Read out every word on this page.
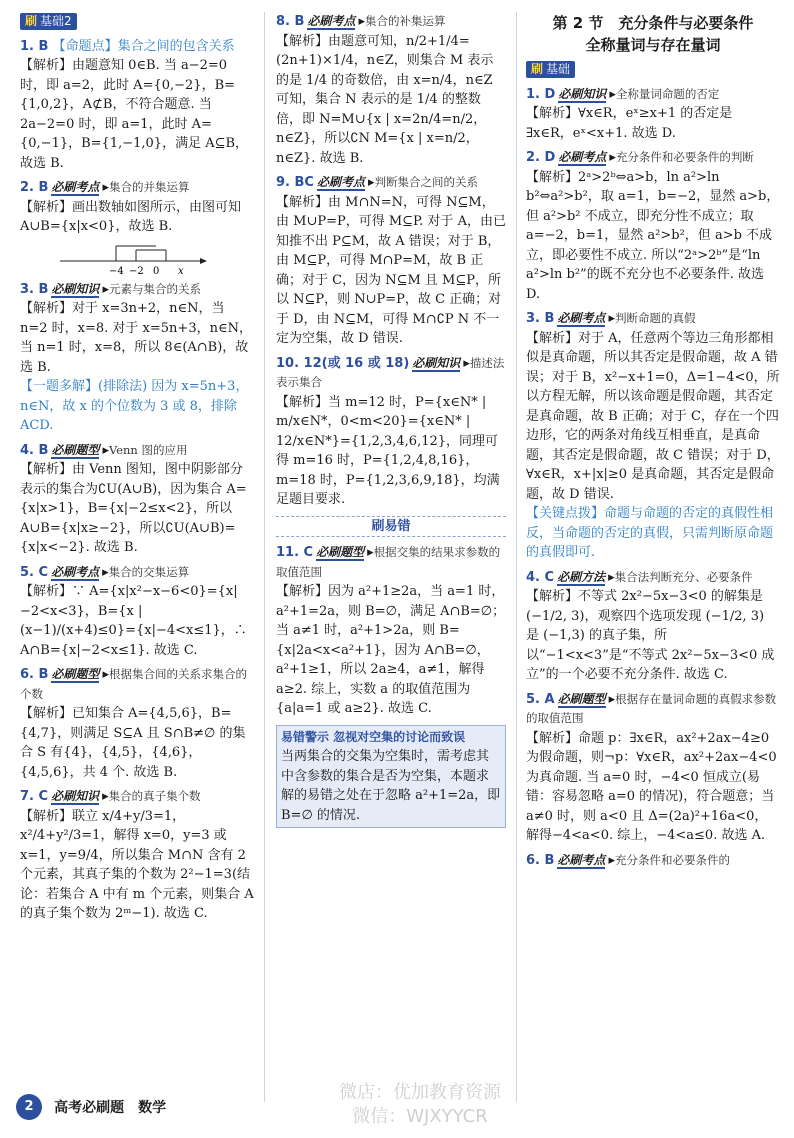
刷 基础2
1. B 【命题点】集合之间的包含关系
【解析】由题意知 0∈B. 当 a−2=0 时，即 a=2，此时 A={0,−2}，B={1,0,2}，A⊄B，不符合题意. 当 2a−2=0 时，即 a=1，此时 A={0,−1}，B={1,−1,0}，满足 A⊆B，故选 B.
2. B 必刷考点 ▸集合的并集运算
【解析】画出数轴如图所示，由图可知 A∪B={x|x<0}，故选 B.
−4 −2 0 x
3. B 必刷知识 ▸元素与集合的关系
【解析】对于 x=3n+2，n∈N，当 n=2 时，x=8. 对于 x=5n+3，n∈N，当 n=1 时，x=8，所以 8∈(A∩B)，故选 B.
【一题多解】(排除法) 因为 x=5n+3，n∈N，故 x 的个位数为 3 或 8，排除 ACD.
4. B 必刷题型 ▸Venn 图的应用
【解析】由 Venn 图知，图中阴影部分表示的集合为∁U(A∪B)，因为集合 A={x|x>1}，B={x|−2≤x<2}，所以 A∪B={x|x≥−2}，所以∁U(A∪B)={x|x<−2}. 故选 B.
5. C 必刷考点 ▸集合的交集运算
【解析】∵ A={x|x²−x−6<0}={x|−2<x<3}，B={x | (x−1)/(x+4)≤0}={x|−4<x≤1}，∴ A∩B={x|−2<x≤1}. 故选 C.
6. B 必刷题型 ▸根据集合间的关系求集合的个数
【解析】已知集合 A={4,5,6}，B={4,7}，则满足 S⊆A 且 S∩B≠∅ 的集合 S 有{4}，{4,5}，{4,6}，{4,5,6}，共 4 个. 故选 B.
7. C 必刷知识 ▸集合的真子集个数
【解析】联立 x/4+y/3=1，x²/4+y²/3=1，解得 x=0，y=3 或 x=1，y=9/4，所以集合 M∩N 含有 2 个元素，其真子集的个数为 2²−1=3(结论：若集合 A 中有 m 个元素，则集合 A 的真子集个数为 2ᵐ−1). 故选 C.
8. B 必刷考点 ▸集合的补集运算
【解析】由题意可知，n/2+1/4=(2n+1)×1/4，n∈Z，则集合 M 表示的是 1/4 的奇数倍，由 x=n/4，n∈Z 可知，集合 N 表示的是 1/4 的整数倍，即 N=M∪{x | x=2n/4=n/2，n∈Z}，所以∁N M={x | x=n/2，n∈Z}. 故选 B.
9. BC 必刷考点 ▸判断集合之间的关系
【解析】由 M∩N=N，可得 N⊆M，由 M∪P=P，可得 M⊆P. 对于 A，由已知推不出 P⊆M，故 A 错误；对于 B，由 M⊆P，可得 M∩P=M，故 B 正确；对于 C，因为 N⊆M 且 M⊆P，所以 N⊆P，则 N∪P=P，故 C 正确；对于 D，由 N⊆M，可得 M∩∁P N 不一定为空集，故 D 错误.
10. 12(或 16 或 18) 必刷知识 ▸描述法表示集合
【解析】当 m=12 时，P={x∈N* | m/x∈N*，0<m<20}={x∈N* | 12/x∈N*}={1,2,3,4,6,12}，同理可得 m=16 时，P={1,2,4,8,16}，m=18 时，P={1,2,3,6,9,18}，均满足题目要求.
刷易错
11. C 必刷题型 ▸根据交集的结果求参数的取值范围
【解析】因为 a²+1≥2a，当 a=1 时，a²+1=2a，则 B=∅，满足 A∩B=∅；当 a≠1 时，a²+1>2a，则 B={x|2a<x<a²+1}，因为 A∩B=∅，a²+1≥1，所以 2a≥4，a≠1，解得 a≥2. 综上，实数 a 的取值范围为{a|a=1 或 a≥2}. 故选 C.
易错警示 忽视对空集的讨论而致误
当两集合的交集为空集时，需考虑其中含参数的集合是否为空集，本题求解的易错之处在于忽略 a²+1=2a，即 B=∅ 的情况.
第 2 节　充分条件与必要条件
全称量词与存在量词
刷 基础
1. D 必刷知识 ▸全称量词命题的否定
【解析】∀x∈R，eˣ≥x+1 的否定是 ∃x∈R，eˣ<x+1. 故选 D.
2. D 必刷考点 ▸充分条件和必要条件的判断
【解析】2ᵃ>2ᵇ⇔a>b，ln a²>ln b²⇔a²>b²，取 a=1，b=−2，显然 a>b，但 a²>b² 不成立，即充分性不成立；取 a=−2，b=1，显然 a²>b²，但 a>b 不成立，即必要性不成立. 所以“2ᵃ>2ᵇ”是“ln a²>ln b²”的既不充分也不必要条件. 故选 D.
3. B 必刷考点 ▸判断命题的真假
【解析】对于 A，任意两个等边三角形都相似是真命题，所以其否定是假命题，故 A 错误；对于 B，x²−x+1=0，Δ=1−4<0，所以方程无解，所以该命题是假命题，其否定是真命题，故 B 正确；对于 C，存在一个四边形，它的两条对角线互相垂直，是真命题，其否定是假命题，故 C 错误；对于 D，∀x∈R，x+|x|≥0 是真命题，其否定是假命题，故 D 错误.
【关键点拨】命题与命题的否定的真假性相反，当命题的否定的真假，只需判断原命题的真假即可.
4. C 必刷方法 ▸集合法判断充分、必要条件
【解析】不等式 2x²−5x−3<0 的解集是 (−1/2, 3)，观察四个选项发现 (−1/2, 3) 是 (−1,3) 的真子集，所以“−1<x<3”是“不等式 2x²−5x−3<0 成立”的一个必要不充分条件. 故选 C.
5. A 必刷题型 ▸根据存在量词命题的真假求参数的取值范围
【解析】命题 p：∃x∈R，ax²+2ax−4≥0 为假命题，则¬p：∀x∈R，ax²+2ax−4<0 为真命题. 当 a=0 时，−4<0 恒成立(易错：容易忽略 a=0 的情况)，符合题意；当 a≠0 时，则 a<0 且 Δ=(2a)²+16a<0，解得−4<a<0. 综上，−4<a≤0. 故选 A.
6. B 必刷考点 ▸充分条件和必要条件的
2 高考必刷题　数学
微店：优加教育资源
微信：WJXYYCR
